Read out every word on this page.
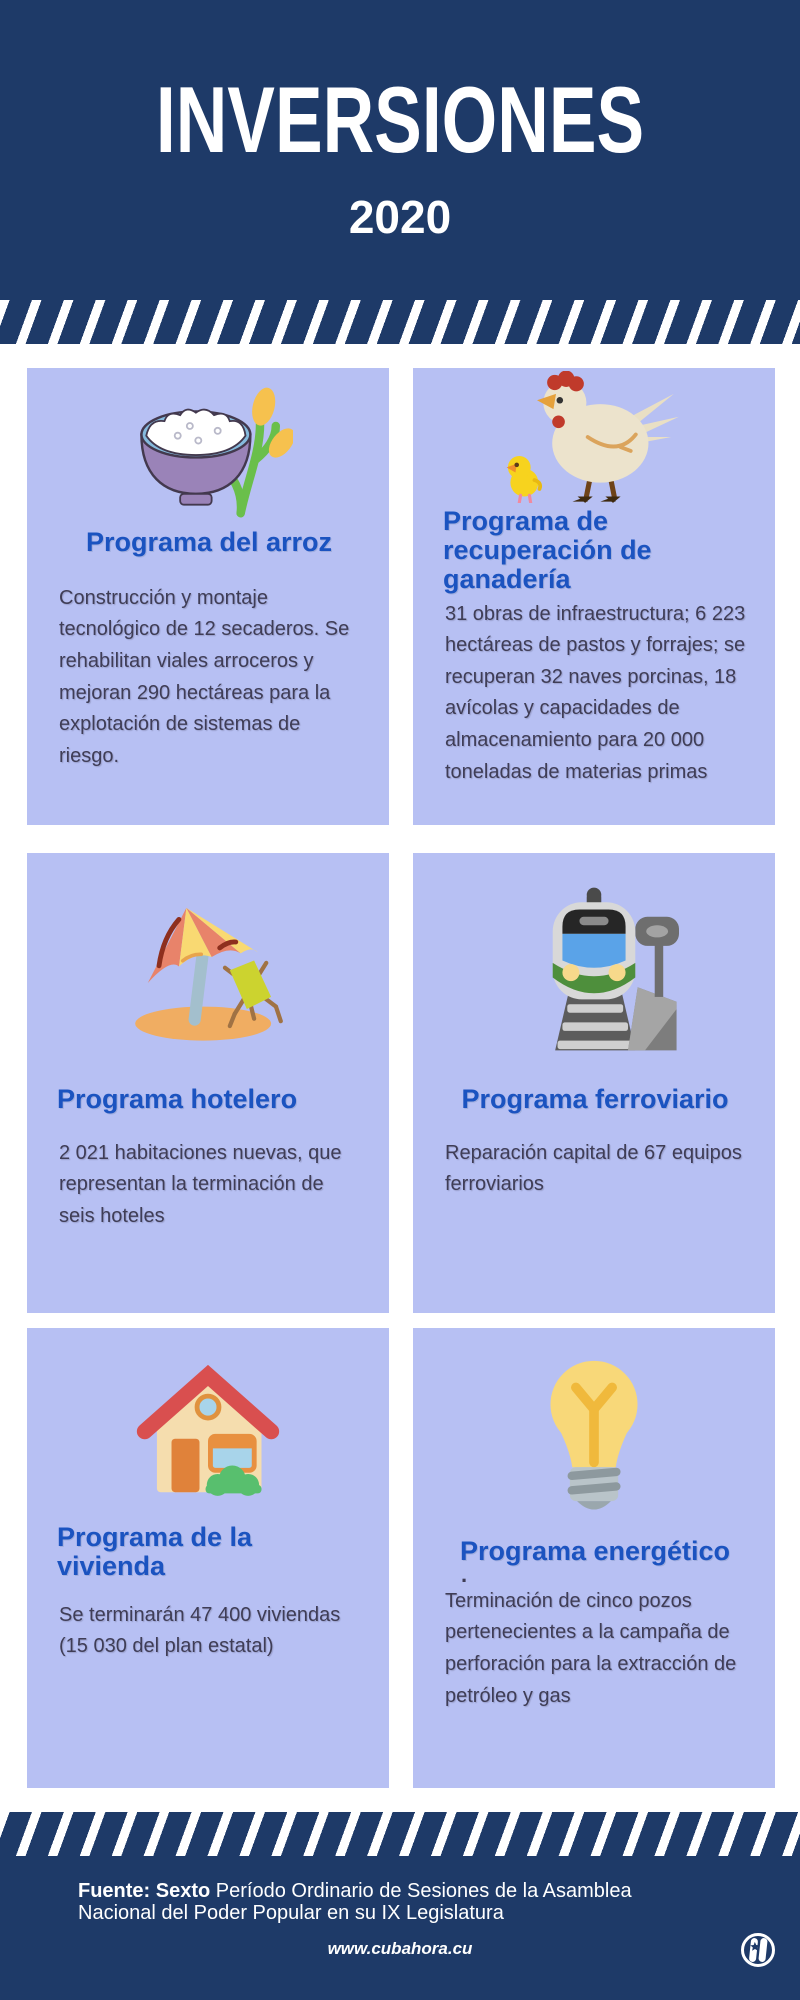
INVERSIONES
2020
Programa del arroz
Construcción y montaje tecnológico de 12 secaderos. Se rehabilitan viales arroceros y mejoran 290 hectáreas para la explotación de sistemas de riesgo.
Programa de recuperación de ganadería
31 obras de infraestructura; 6 223 hectáreas de pastos y forrajes; se recuperan 32 naves porcinas, 18 avícolas y capacidades de almacenamiento para 20 000 toneladas de materias primas
Programa hotelero
2 021 habitaciones nuevas, que representan la terminación de seis hoteles
Programa ferroviario
Reparación capital de 67 equipos ferroviarios
Programa de la vivienda
Se terminarán 47 400 viviendas (15 030 del plan estatal)
Programa energético
.
Terminación de cinco pozos pertenecientes a la campaña de perforación para la extracción de petróleo y gas
Fuente: Sexto Período Ordinario de Sesiones de la Asamblea Nacional del Poder Popular en su IX Legislatura
www.cubahora.cu
